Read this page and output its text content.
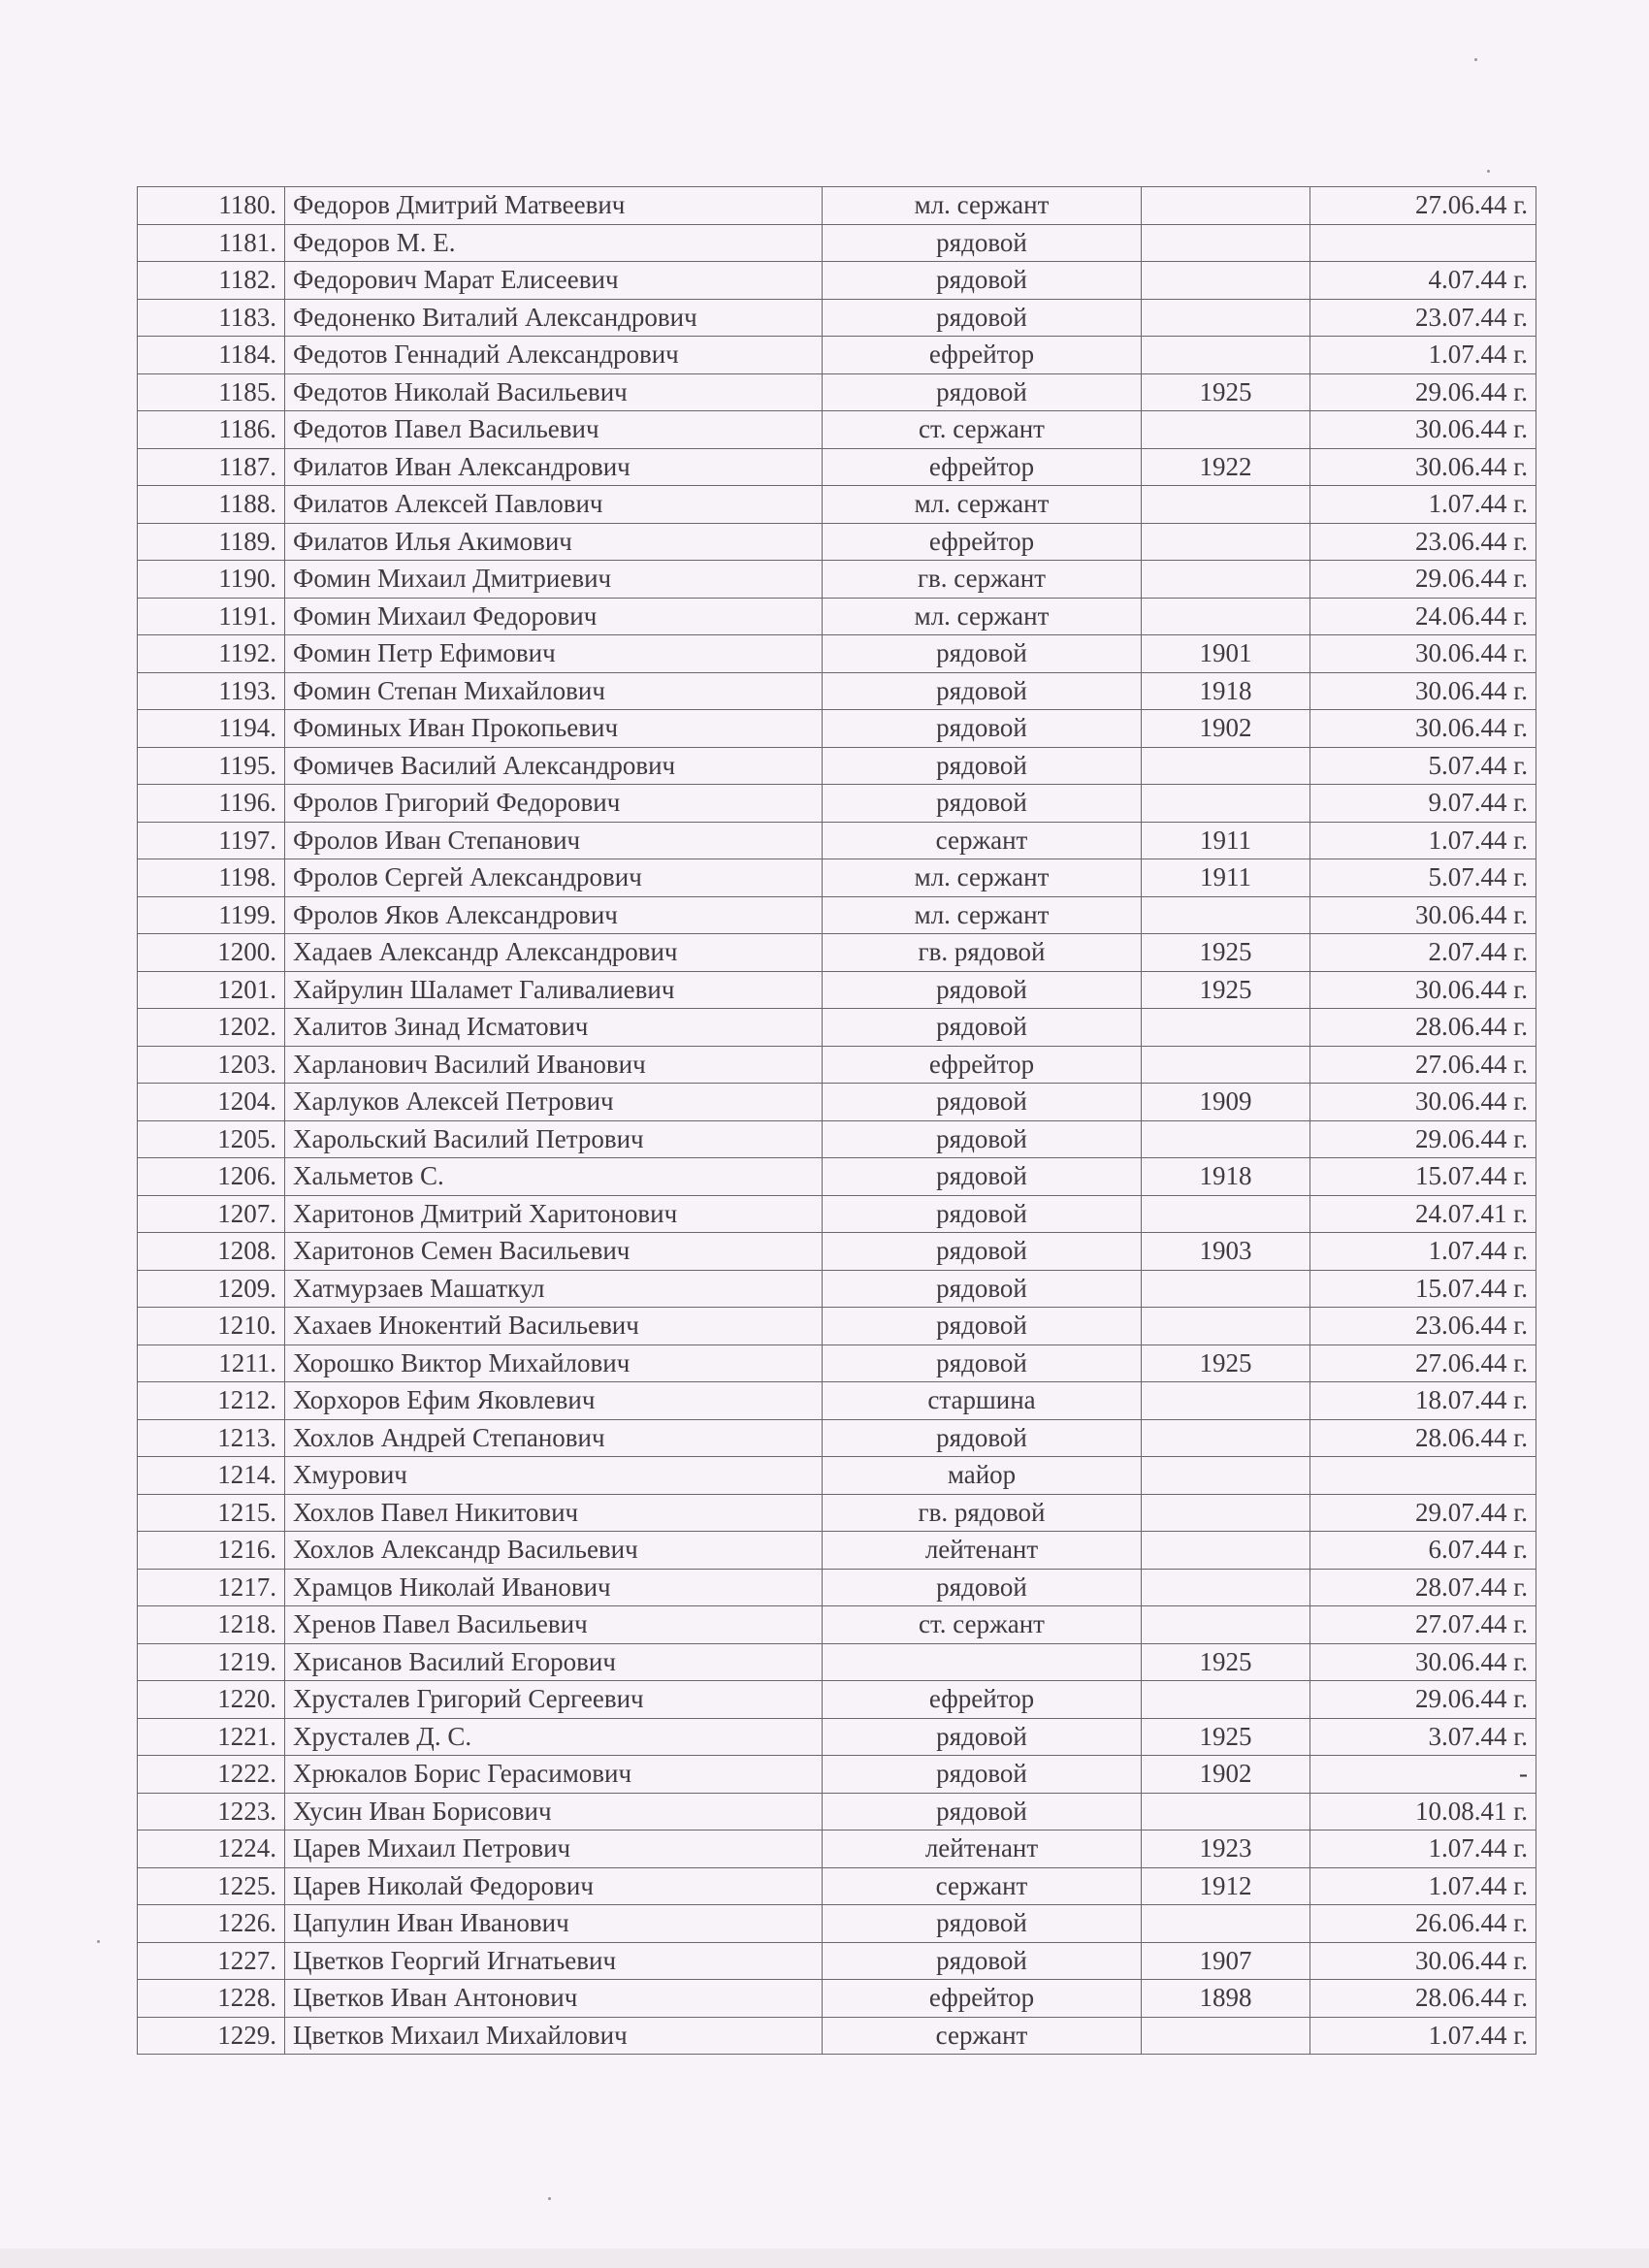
1180.	Федоров Дмитрий Матвеевич	мл. сержант		27.06.44 г.
1181.	Федоров М. Е.	рядовой		
1182.	Федорович Марат Елисеевич	рядовой		4.07.44 г.
1183.	Федоненко Виталий Александрович	рядовой		23.07.44 г.
1184.	Федотов Геннадий Александрович	ефрейтор		1.07.44 г.
1185.	Федотов Николай Васильевич	рядовой	1925	29.06.44 г.
1186.	Федотов Павел Васильевич	ст. сержант		30.06.44 г.
1187.	Филатов Иван Александрович	ефрейтор	1922	30.06.44 г.
1188.	Филатов Алексей Павлович	мл. сержант		1.07.44 г.
1189.	Филатов Илья Акимович	ефрейтор		23.06.44 г.
1190.	Фомин Михаил Дмитриевич	гв. сержант		29.06.44 г.
1191.	Фомин Михаил Федорович	мл. сержант		24.06.44 г.
1192.	Фомин Петр Ефимович	рядовой	1901	30.06.44 г.
1193.	Фомин Степан Михайлович	рядовой	1918	30.06.44 г.
1194.	Фоминых Иван Прокопьевич	рядовой	1902	30.06.44 г.
1195.	Фомичев Василий Александрович	рядовой		5.07.44 г.
1196.	Фролов Григорий Федорович	рядовой		9.07.44 г.
1197.	Фролов Иван Степанович	сержант	1911	1.07.44 г.
1198.	Фролов Сергей Александрович	мл. сержант	1911	5.07.44 г.
1199.	Фролов Яков Александрович	мл. сержант		30.06.44 г.
1200.	Хадаев Александр Александрович	гв. рядовой	1925	2.07.44 г.
1201.	Хайрулин Шаламет Галивалиевич	рядовой	1925	30.06.44 г.
1202.	Халитов Зинад Исматович	рядовой		28.06.44 г.
1203.	Харланович Василий Иванович	ефрейтор		27.06.44 г.
1204.	Харлуков Алексей Петрович	рядовой	1909	30.06.44 г.
1205.	Харольский Василий Петрович	рядовой		29.06.44 г.
1206.	Хальметов С.	рядовой	1918	15.07.44 г.
1207.	Харитонов Дмитрий Харитонович	рядовой		24.07.41 г.
1208.	Харитонов Семен Васильевич	рядовой	1903	1.07.44 г.
1209.	Хатмурзаев Машаткул	рядовой		15.07.44 г.
1210.	Хахаев Инокентий Васильевич	рядовой		23.06.44 г.
1211.	Хорошко Виктор Михайлович	рядовой	1925	27.06.44 г.
1212.	Хорхоров Ефим Яковлевич	старшина		18.07.44 г.
1213.	Хохлов Андрей Степанович	рядовой		28.06.44 г.
1214.	Хмурович	майор		
1215.	Хохлов Павел Никитович	гв. рядовой		29.07.44 г.
1216.	Хохлов Александр Васильевич	лейтенант		6.07.44 г.
1217.	Храмцов Николай Иванович	рядовой		28.07.44 г.
1218.	Хренов Павел Васильевич	ст. сержант		27.07.44 г.
1219.	Хрисанов Василий Егорович		1925	30.06.44 г.
1220.	Хрусталев Григорий Сергеевич	ефрейтор		29.06.44 г.
1221.	Хрусталев Д. С.	рядовой	1925	3.07.44 г.
1222.	Хрюкалов Борис Герасимович	рядовой	1902	-
1223.	Хусин Иван Борисович	рядовой		10.08.41 г.
1224.	Царев Михаил Петрович	лейтенант	1923	1.07.44 г.
1225.	Царев Николай Федорович	сержант	1912	1.07.44 г.
1226.	Цапулин Иван Иванович	рядовой		26.06.44 г.
1227.	Цветков Георгий Игнатьевич	рядовой	1907	30.06.44 г.
1228.	Цветков Иван Антонович	ефрейтор	1898	28.06.44 г.
1229.	Цветков Михаил Михайлович	сержант		1.07.44 г.
